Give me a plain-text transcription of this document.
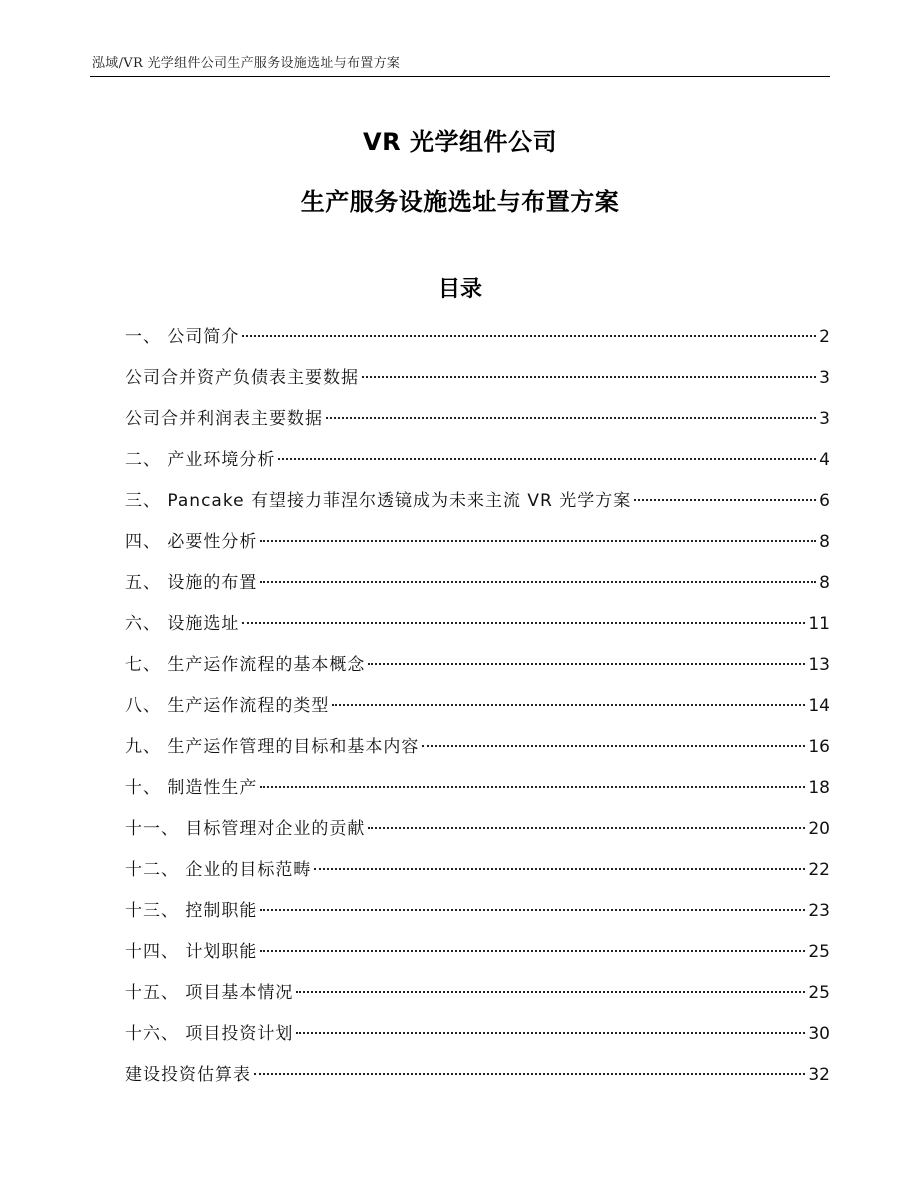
泓域/VR 光学组件公司生产服务设施选址与布置方案
VR 光学组件公司
生产服务设施选址与布置方案
目录
一、 公司简介	2
公司合并资产负债表主要数据	3
公司合并利润表主要数据	3
二、 产业环境分析	4
三、 Pancake 有望接力菲涅尔透镜成为未来主流 VR 光学方案	6
四、 必要性分析	8
五、 设施的布置	8
六、 设施选址	11
七、 生产运作流程的基本概念	13
八、 生产运作流程的类型	14
九、 生产运作管理的目标和基本内容	16
十、 制造性生产	18
十一、 目标管理对企业的贡献	20
十二、 企业的目标范畴	22
十三、 控制职能	23
十四、 计划职能	25
十五、 项目基本情况	25
十六、 项目投资计划	30
建设投资估算表	32
